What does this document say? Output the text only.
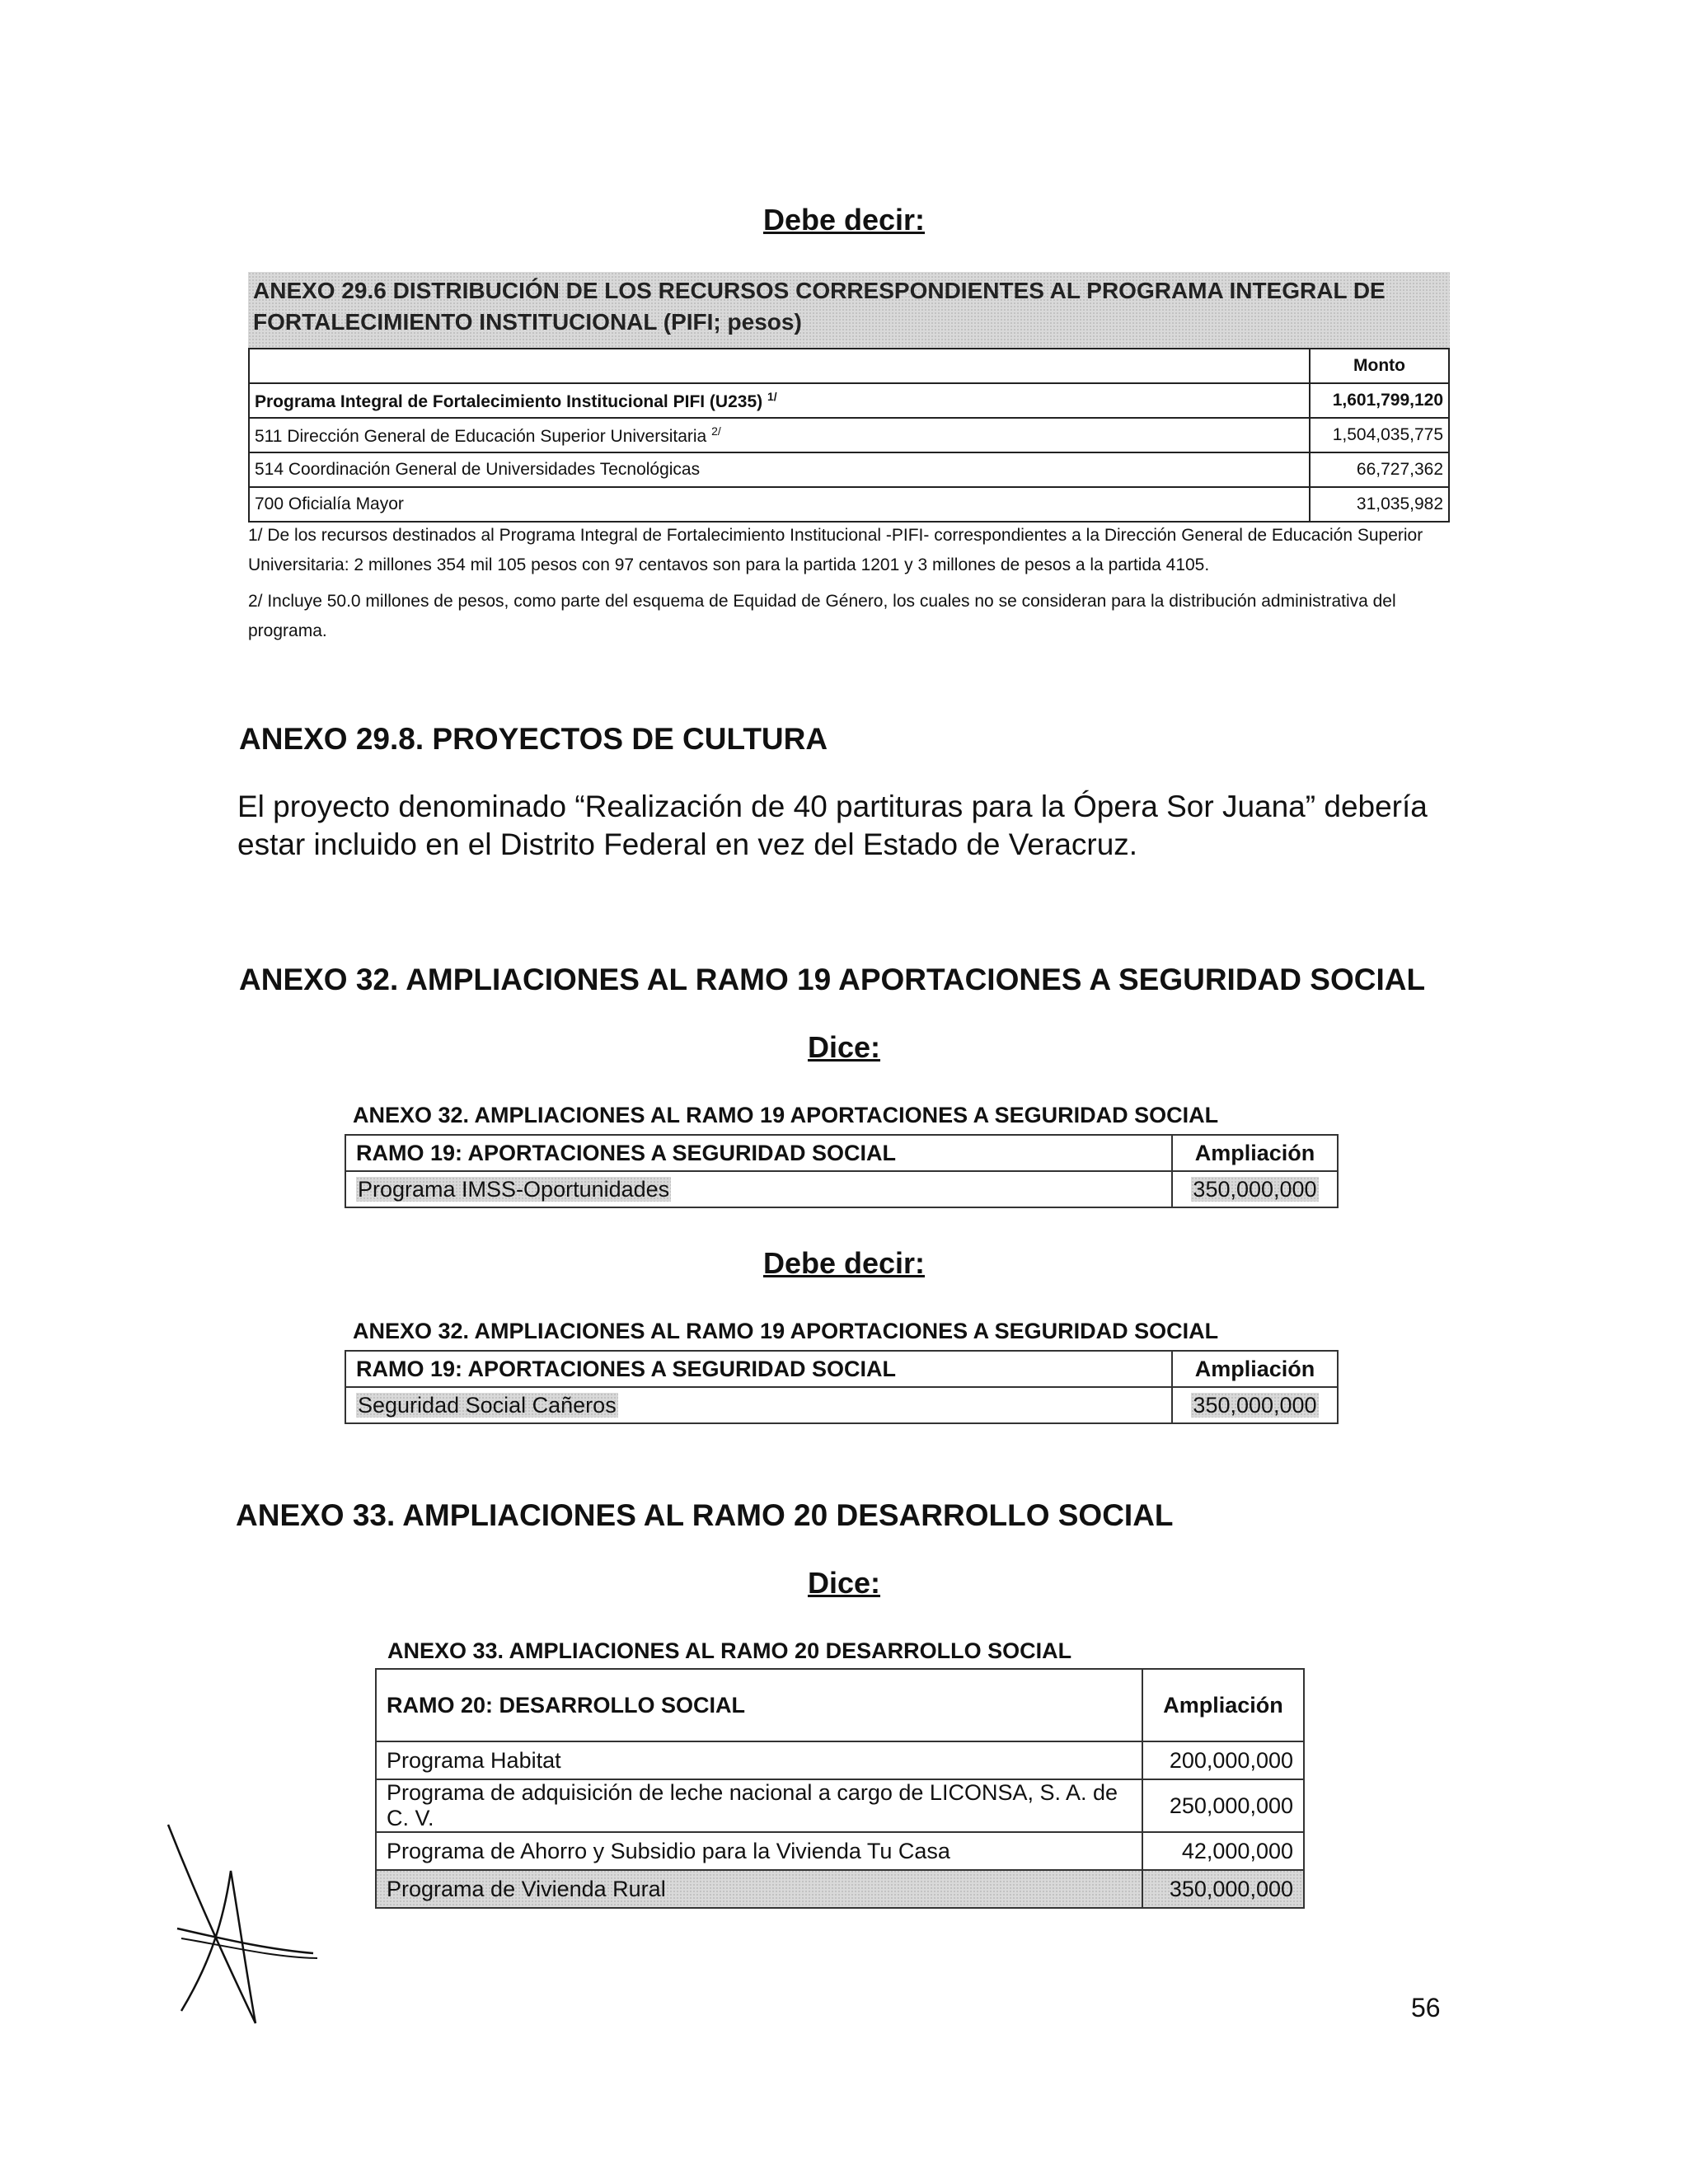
Debe decir:
ANEXO 29.6 DISTRIBUCIÓN DE LOS RECURSOS CORRESPONDIENTES AL PROGRAMA INTEGRAL DE FORTALECIMIENTO INSTITUCIONAL (PIFI; pesos)
	Monto
Programa Integral de Fortalecimiento Institucional PIFI (U235) $^{1/}$	1,601,799,120
511 Dirección General de Educación Superior Universitaria $^{2/}$	1,504,035,775
514 Coordinación General de Universidades Tecnológicas	66,727,362
700 Oficialía Mayor	31,035,982
1/ De los recursos destinados al Programa Integral de Fortalecimiento Institucional -PIFI- correspondientes a la Dirección General de Educación Superior Universitaria: 2 millones 354 mil 105 pesos con 97 centavos son para la partida 1201 y 3 millones de pesos a la partida 4105.
2/ Incluye 50.0 millones de pesos, como parte del esquema de Equidad de Género, los cuales no se consideran para la distribución administrativa del programa.
ANEXO 29.8. PROYECTOS DE CULTURA
El proyecto denominado “Realización de 40 partituras para la Ópera Sor Juana” debería estar incluido en el Distrito Federal en vez del Estado de Veracruz.
ANEXO 32. AMPLIACIONES AL RAMO 19 APORTACIONES A SEGURIDAD SOCIAL
Dice:
ANEXO 32. AMPLIACIONES AL RAMO 19 APORTACIONES A SEGURIDAD SOCIAL
RAMO 19: APORTACIONES A SEGURIDAD SOCIAL	Ampliación
Programa IMSS-Oportunidades	350,000,000
Debe decir:
ANEXO 32. AMPLIACIONES AL RAMO 19 APORTACIONES A SEGURIDAD SOCIAL
RAMO 19: APORTACIONES A SEGURIDAD SOCIAL	Ampliación
Seguridad Social Cañeros	350,000,000
ANEXO 33. AMPLIACIONES AL RAMO 20 DESARROLLO SOCIAL
Dice:
ANEXO 33. AMPLIACIONES AL RAMO 20 DESARROLLO SOCIAL
RAMO 20: DESARROLLO SOCIAL	Ampliación
Programa Habitat	200,000,000
Programa de adquisición de leche nacional a cargo de LICONSA, S. A. de C. V.	250,000,000
Programa de Ahorro y Subsidio para la Vivienda Tu Casa	42,000,000
Programa de Vivienda Rural	350,000,000
56
